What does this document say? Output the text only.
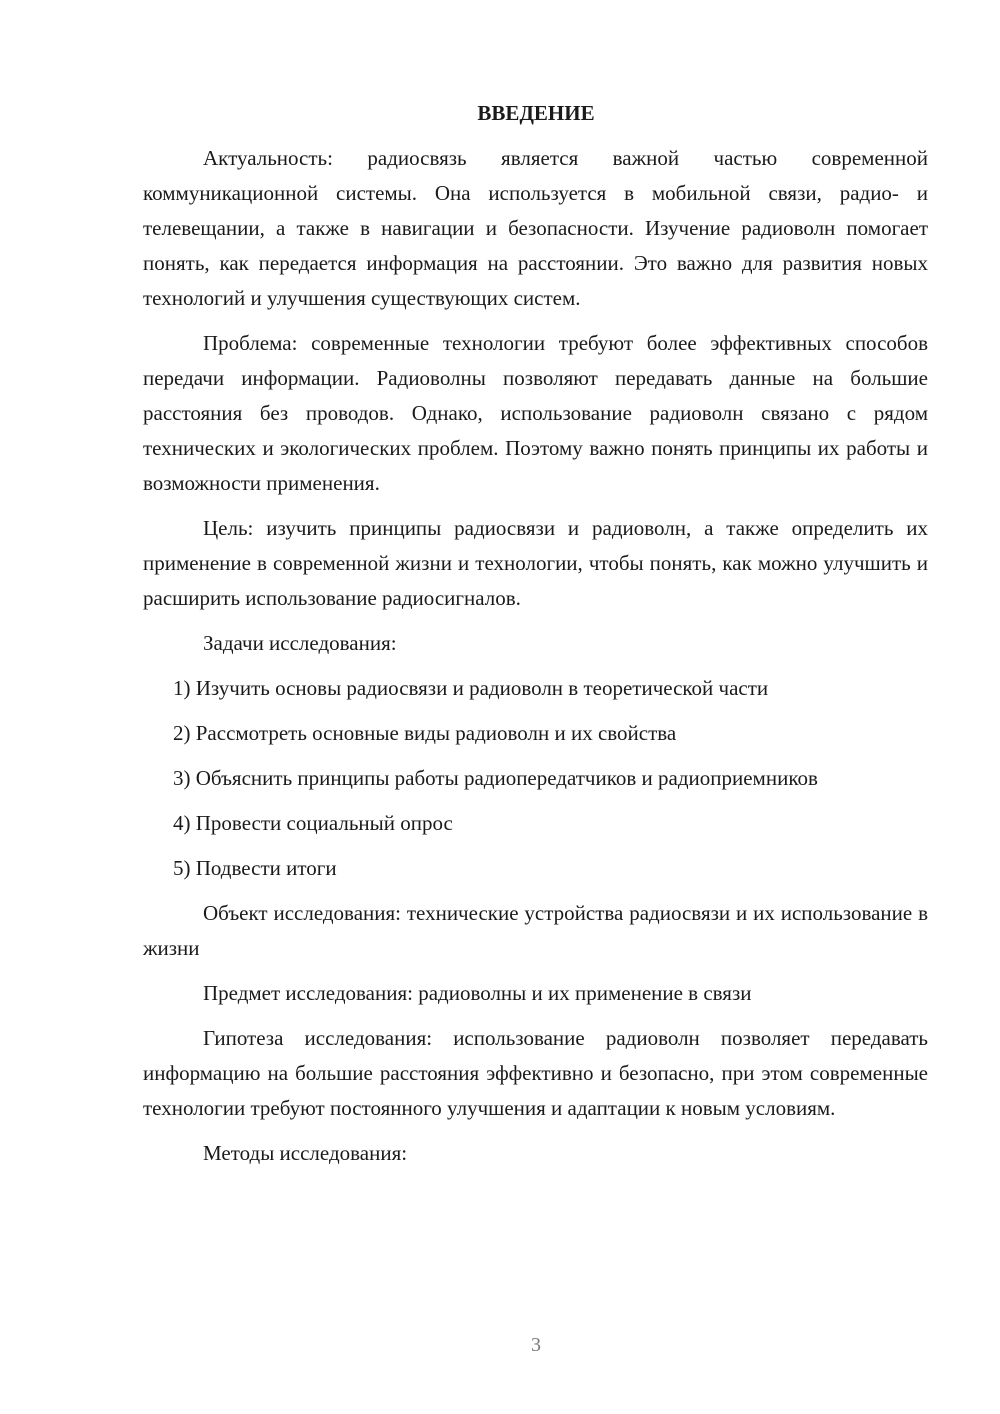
ВВЕДЕНИЕ

Актуальность: радиосвязь является важной частью современной коммуникационной системы. Она используется в мобильной связи, радио- и телевещании, а также в навигации и безопасности. Изучение радиоволн помогает понять, как передается информация на расстоянии. Это важно для развития новых технологий и улучшения существующих систем.

Проблема: современные технологии требуют более эффективных способов передачи информации. Радиоволны позволяют передавать данные на большие расстояния без проводов. Однако, использование радиоволн связано с рядом технических и экологических проблем. Поэтому важно понять принципы их работы и возможности применения.

Цель: изучить принципы радиосвязи и радиоволн, а также определить их применение в современной жизни и технологии, чтобы понять, как можно улучшить и расширить использование радиосигналов.

Задачи исследования:

1) Изучить основы радиосвязи и радиоволн в теоретической части

2) Рассмотреть основные виды радиоволн и их свойства

3) Объяснить принципы работы радиопередатчиков и радиоприемников

4) Провести социальный опрос

5) Подвести итоги

Объект исследования: технические устройства радиосвязи и их использование в жизни

Предмет исследования: радиоволны и их применение в связи

Гипотеза исследования: использование радиоволн позволяет передавать информацию на большие расстояния эффективно и безопасно, при этом современные технологии требуют постоянного улучшения и адаптации к новым условиям.

Методы исследования:

3
